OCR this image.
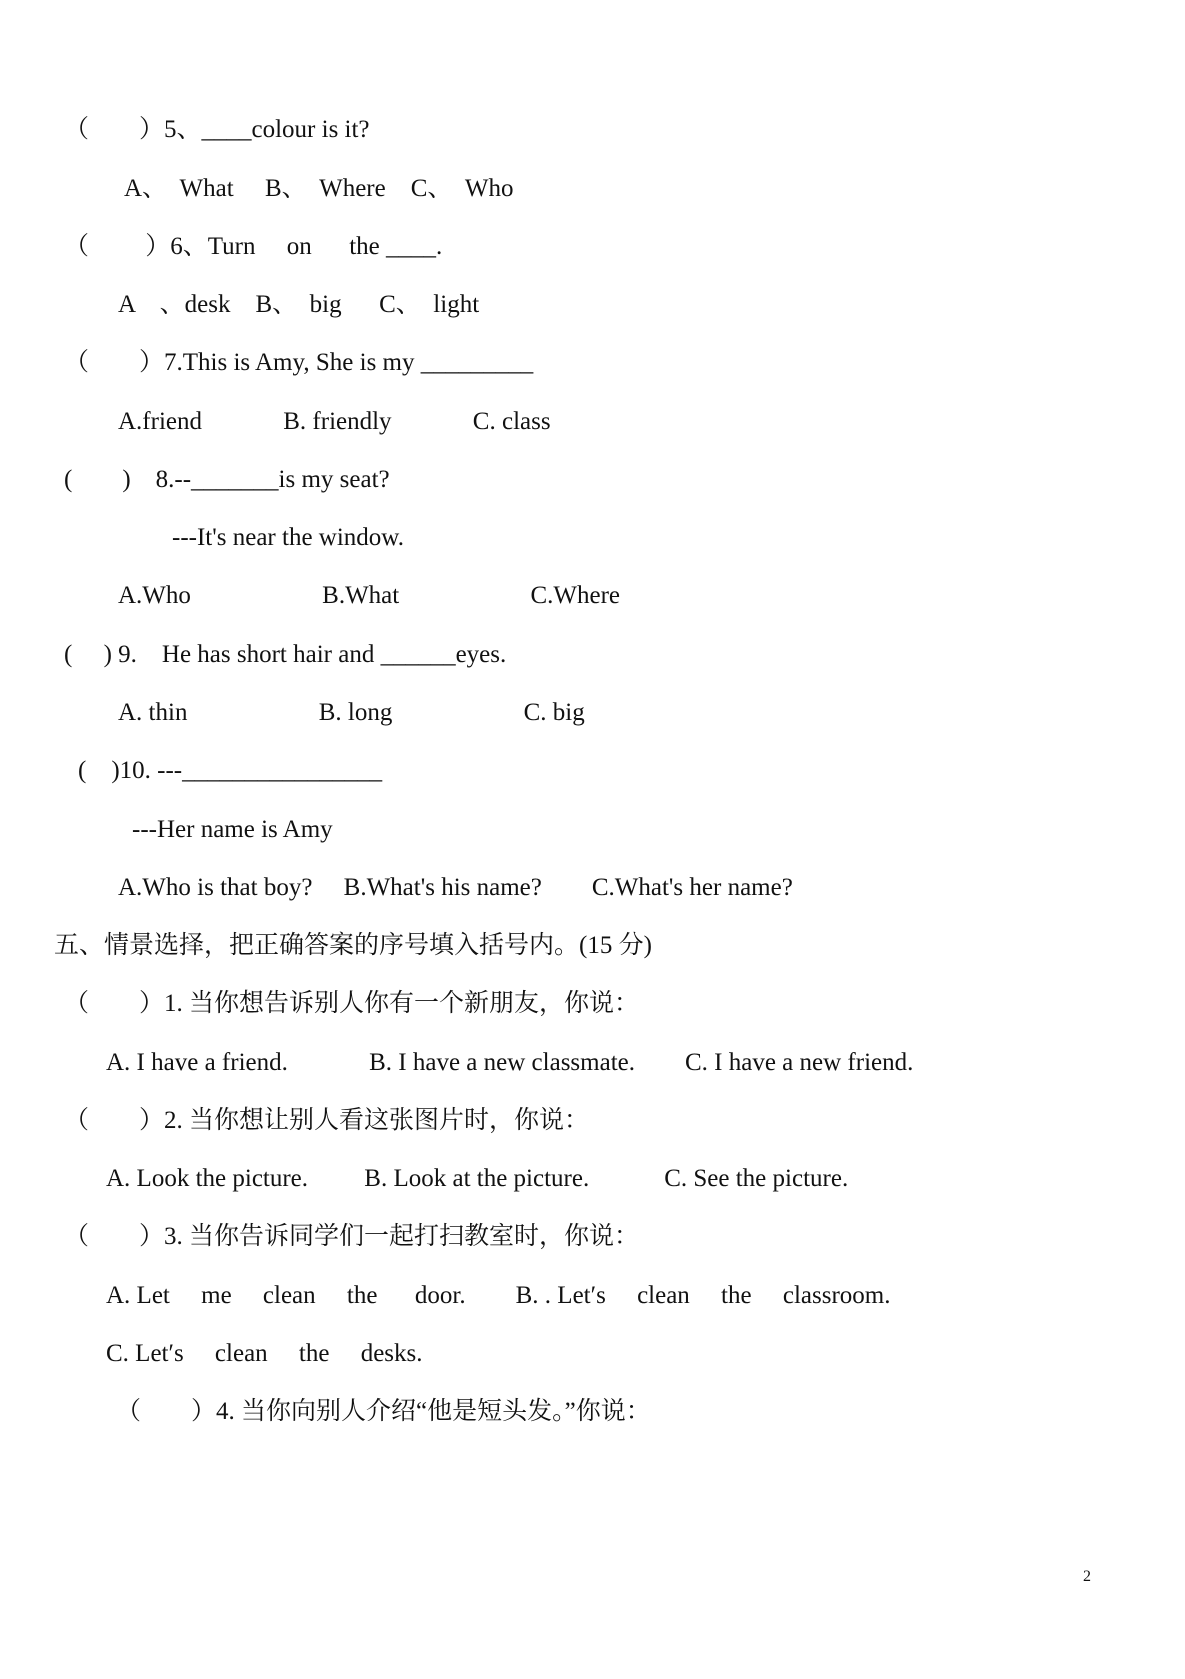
（　　）5、____colour is it?
A、　What　 B、　Where　C、　Who
（　　 ）6、Turn　 on　  the ____.
A　、desk　B、　big　  C、　light
（　　）7.This is Amy, She is my _________
A.friend　　　 B. friendly　　　 C. class
(　　)　8.--_______is my seat?
---It's near the window.
A.Who　　　　　 B.What　　　　　 C.Where
(　 ) 9.　He has short hair and ______eyes.
A. thin　　　　　 B. long　　　　　 C. big
(　)10. ---________________
---Her name is Amy
A.Who is that boy?　 B.What's his name?　　C.What's her name?
五、情景选择，把正确答案的序号填入括号内。(15 分)
（　　）1. 当你想告诉别人你有一个新朋友，你说：
A. I have a friend.　　　 B. I have a new classmate.　　C. I have a new friend.
（　　）2. 当你想让别人看这张图片时，你说：
A. Look the picture.　　 B. Look at the picture.　　　C. See the picture.
（　　）3. 当你告诉同学们一起打扫教室时，你说：
A. Let　 me　 clean　 the　  door.　　B. . Let′s　 clean　 the　 classroom.
C. Let′s　 clean　 the　 desks.
（　　）4. 当你向别人介绍“他是短头发。”你说：
2
